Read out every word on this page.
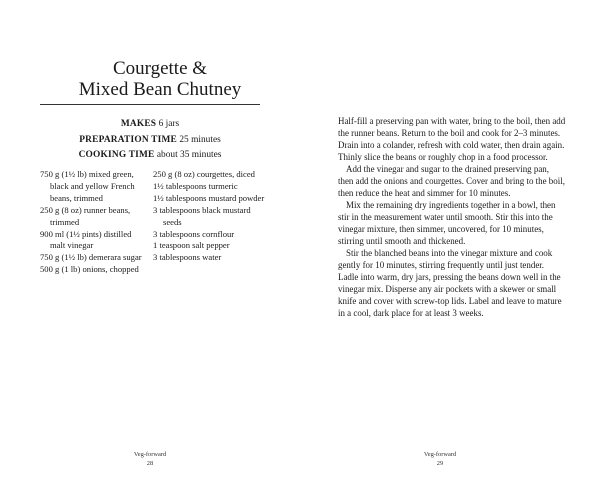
Courgette &
Mixed Bean Chutney
MAKES 6 jars
PREPARATION TIME 25 minutes
COOKING TIME about 35 minutes
750 g (1½ lb) mixed green, black and yellow French beans, trimmed
250 g (8 oz) runner beans, trimmed
900 ml (1½ pints) distilled malt vinegar
750 g (1½ lb) demerara sugar
500 g (1 lb) onions, chopped
250 g (8 oz) courgettes, diced
1½ tablespoons turmeric
1½ tablespoons mustard powder
3 tablespoons black mustard seeds
3 tablespoons cornflour
1 teaspoon salt pepper
3 tablespoons water
Veg-forward
28

Half-fill a preserving pan with water, bring to the boil, then add the runner beans. Return to the boil and cook for 2–3 minutes. Drain into a colander, refresh with cold water, then drain again. Thinly slice the beans or roughly chop in a food processor.

Add the vinegar and sugar to the drained preserving pan, then add the onions and courgettes. Cover and bring to the boil, then reduce the heat and simmer for 10 minutes.

Mix the remaining dry ingredients together in a bowl, then stir in the measurement water until smooth. Stir this into the vinegar mixture, then simmer, uncovered, for 10 minutes, stirring until smooth and thickened.

Stir the blanched beans into the vinegar mixture and cook gently for 10 minutes, stirring frequently until just tender. Ladle into warm, dry jars, pressing the beans down well in the vinegar mix. Disperse any air pockets with a skewer or small knife and cover with screw-top lids. Label and leave to mature in a cool, dark place for at least 3 weeks.

Veg-forward
29
